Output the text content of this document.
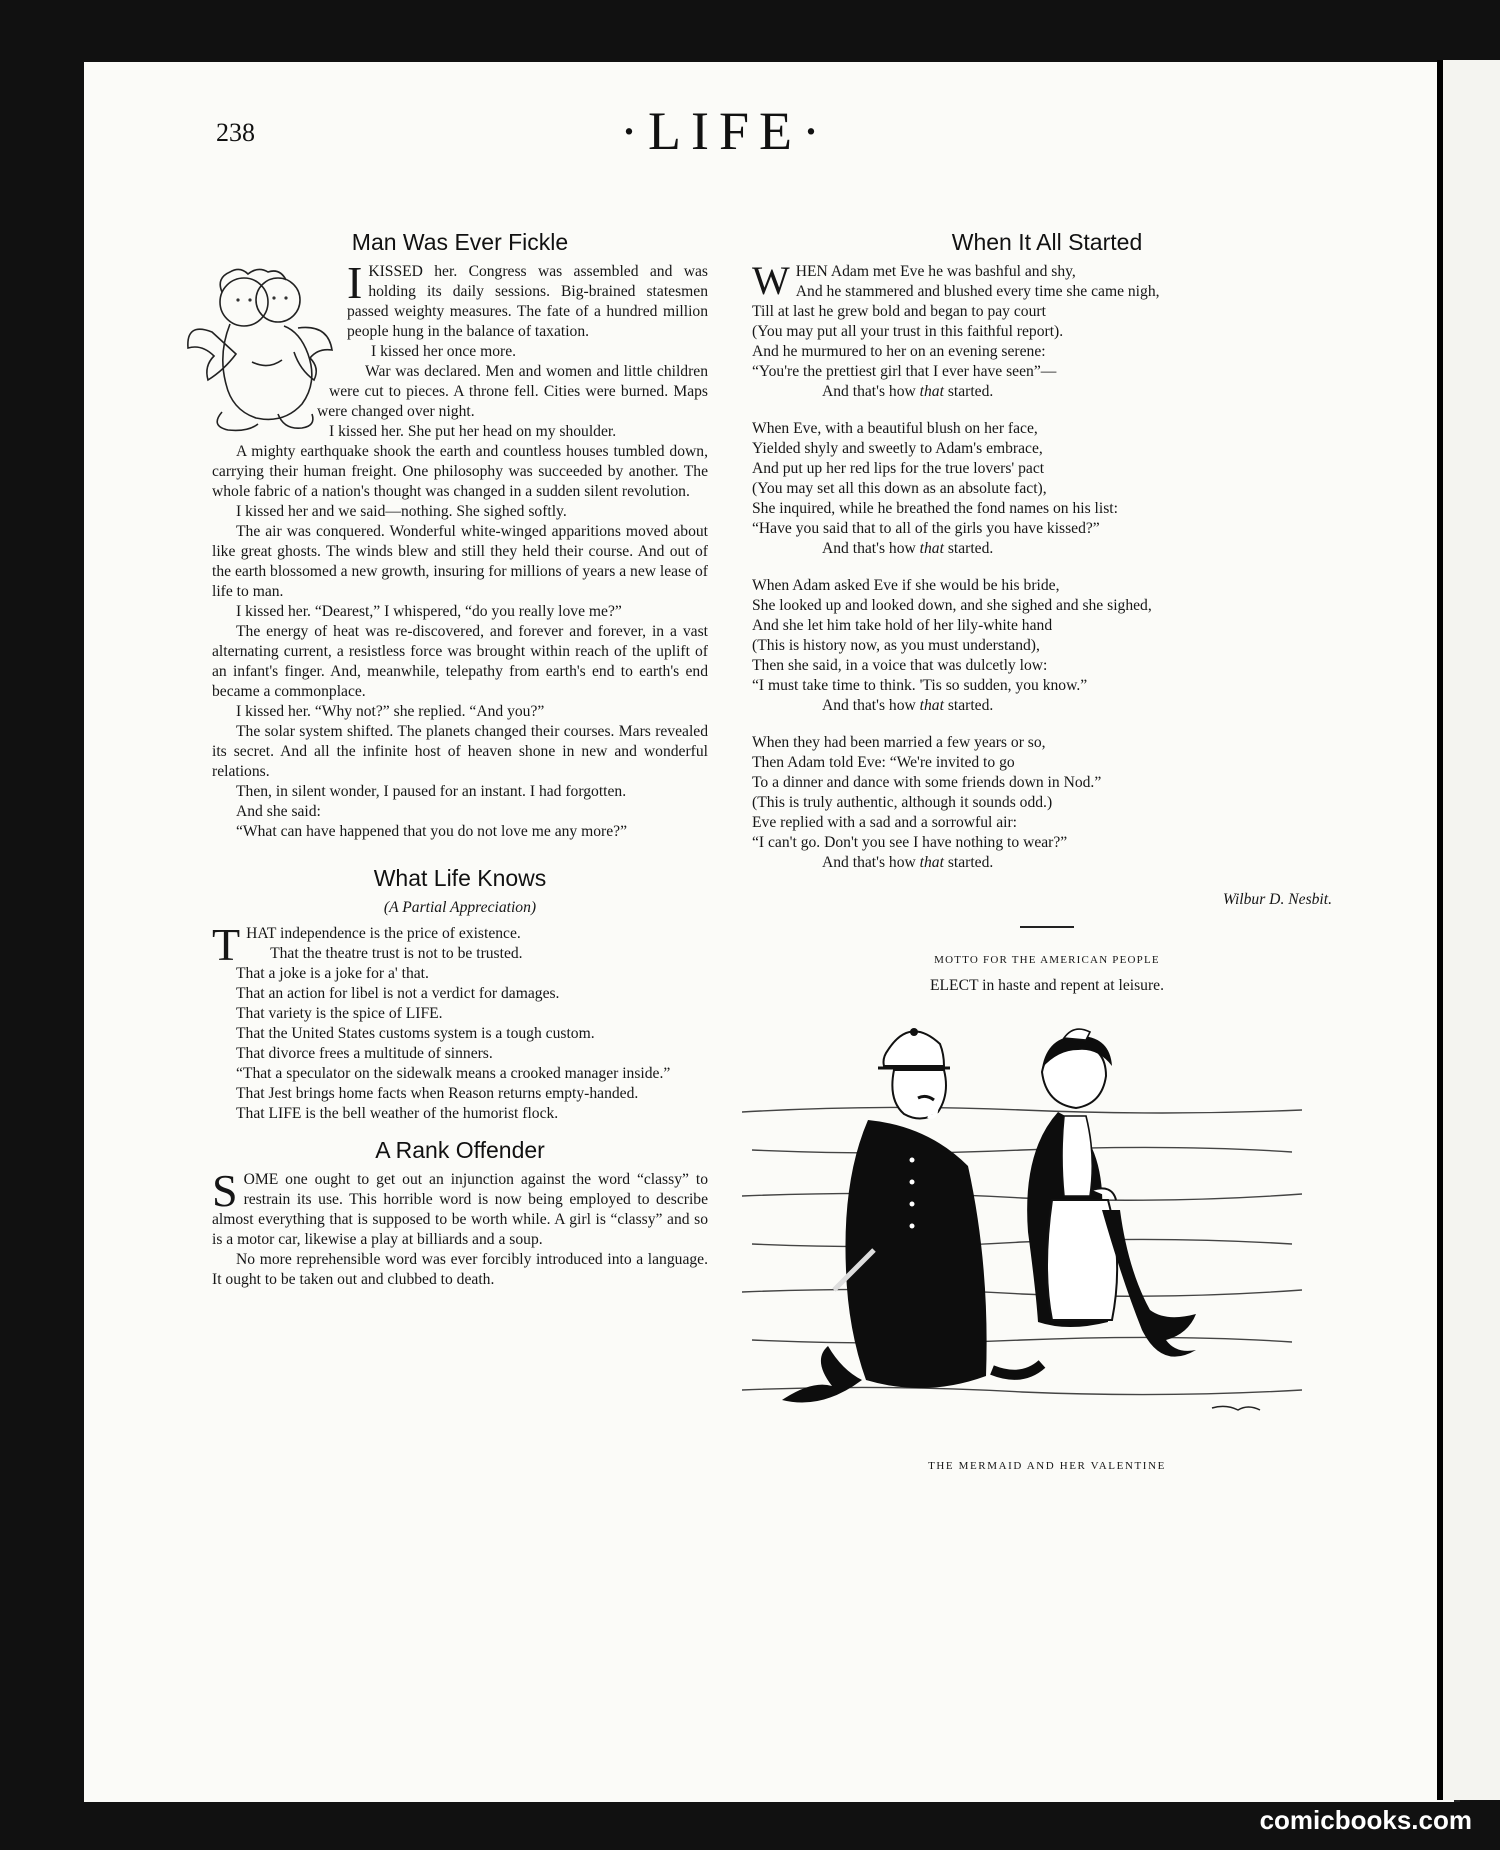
238	·LIFE·
Man Was Ever Fickle

I KISSED her. Congress was assembled and was holding its daily sessions. Big-brained statesmen passed weighty measures. The fate of a hundred million people hung in the balance of taxation.

I kissed her once more.

War was declared. Men and women and little children were cut to pieces. A throne fell. Cities were burned. Maps were changed over night.

I kissed her. She put her head on my shoulder.

A mighty earthquake shook the earth and countless houses tumbled down, carrying their human freight. One philosophy was succeeded by another. The whole fabric of a nation's thought was changed in a sudden silent revolution.

I kissed her and we said—nothing. She sighed softly.

The air was conquered. Wonderful white-winged apparitions moved about like great ghosts. The winds blew and still they held their course. And out of the earth blossomed a new growth, insuring for millions of years a new lease of life to man.

I kissed her. “Dearest,” I whispered, “do you really love me?”

The energy of heat was re-discovered, and forever and forever, in a vast alternating current, a resistless force was brought within reach of the uplift of an infant's finger. And, meanwhile, telepathy from earth's end to earth's end became a commonplace.

I kissed her. “Why not?” she replied. “And you?”

The solar system shifted. The planets changed their courses. Mars revealed its secret. And all the infinite host of heaven shone in new and wonderful relations.

Then, in silent wonder, I paused for an instant. I had forgotten.

And she said:

“What can have happened that you do not love me any more?”

What Life Knows
(A Partial Appreciation)

THAT independence is the price of existence.

That the theatre trust is not to be trusted.

That a joke is a joke for a' that.

That an action for libel is not a verdict for damages.

That variety is the spice of LIFE.

That the United States customs system is a tough custom.

That divorce frees a multitude of sinners.

“That a speculator on the sidewalk means a crooked manager inside.”

That Jest brings home facts when Reason returns empty-handed.

That LIFE is the bell weather of the humorist flock.

A Rank Offender

SOME one ought to get out an injunction against the word “classy” to restrain its use. This horrible word is now being employed to describe almost everything that is supposed to be worth while. A girl is “classy” and so is a motor car, likewise a play at billiards and a soup.

No more reprehensible word was ever forcibly introduced into a language. It ought to be taken out and clubbed to death.

When It All Started
WHEN Adam met Eve he was bashful and shy,
And he stammered and blushed every time she came nigh,
Till at last he grew bold and began to pay court
(You may put all your trust in this faithful report).
And he murmured to her on an evening serene:
“You're the prettiest girl that I ever have seen”—
And that's how that started.
When Eve, with a beautiful blush on her face,
Yielded shyly and sweetly to Adam's embrace,
And put up her red lips for the true lovers' pact
(You may set all this down as an absolute fact),
She inquired, while he breathed the fond names on his list:
“Have you said that to all of the girls you have kissed?”
And that's how that started.
When Adam asked Eve if she would be his bride,
She looked up and looked down, and she sighed and she sighed,
And she let him take hold of her lily-white hand
(This is history now, as you must understand),
Then she said, in a voice that was dulcetly low:
“I must take time to think. 'Tis so sudden, you know.”
And that's how that started.
When they had been married a few years or so,
Then Adam told Eve: “We're invited to go
To a dinner and dance with some friends down in Nod.”
(This is truly authentic, although it sounds odd.)
Eve replied with a sad and a sorrowful air:
“I can't go. Don't you see I have nothing to wear?”
And that's how that started.
Wilbur D. Nesbit.
MOTTO FOR THE AMERICAN PEOPLE
ELECT in haste and repent at leisure.
THE MERMAID AND HER VALENTINE
comicbooks.com
